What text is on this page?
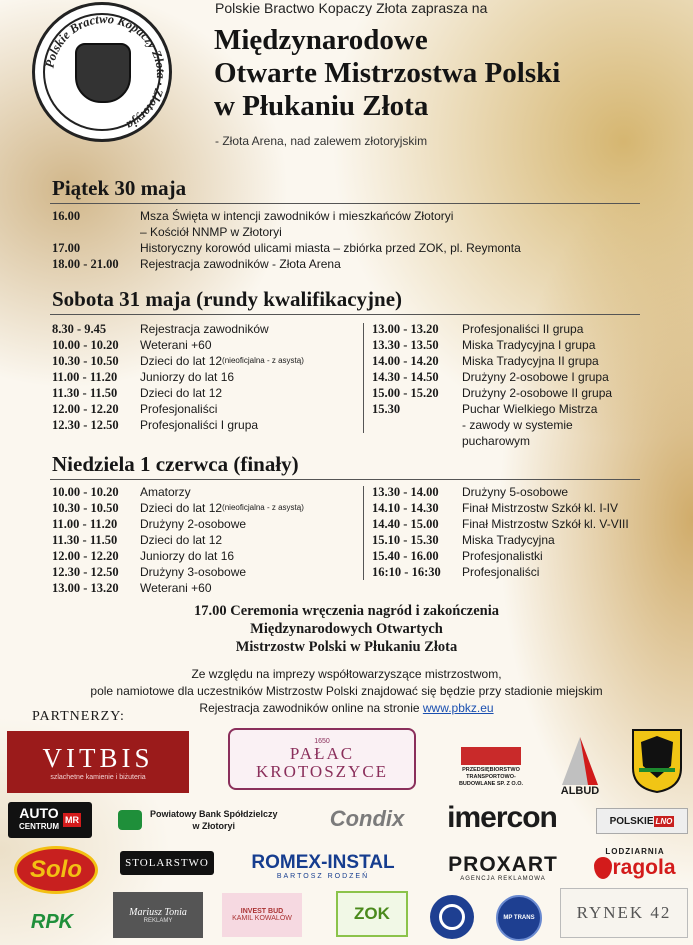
Polskie Bractwo Kopaczy Złota · Złotoryja
Polskie Bractwo Kopaczy Złota zaprasza na
Międzynarodowe
Otwarte Mistrzostwa Polski
w Płukaniu Złota
- Złota Arena, nad zalewem złotoryjskim
Piątek 30 maja
16.00	Msza Święta w intencji zawodników i mieszkańców Złotoryi
– Kościół NNMP w Złotoryi
17.00	Historyczny korowód ulicami miasta – zbiórka przed ZOK, pl. Reymonta
18.00 - 21.00	Rejestracja zawodników - Złota Arena
Sobota 31 maja (rundy kwalifikacyjne)
8.30 - 9.45	Rejestracja zawodników
10.00 - 10.20	Weterani +60
10.30 - 10.50	Dzieci do lat 12 (nieoficjalna - z asystą)
11.00 - 11.20	Juniorzy do lat 16
11.30 - 11.50	Dzieci do lat 12
12.00 - 12.20	Profesjonaliści
12.30 - 12.50	Profesjonaliści I grupa
13.00 - 13.20	Profesjonaliści II grupa
13.30 - 13.50	Miska Tradycyjna I grupa
14.00 - 14.20	Miska Tradycyjna II grupa
14.30 - 14.50	Drużyny 2-osobowe I grupa
15.00 - 15.20	Drużyny 2-osobowe II grupa
15.30	Puchar Wielkiego Mistrza
- zawody w systemie
pucharowym
Niedziela 1 czerwca (finały)
10.00 - 10.20	Amatorzy
10.30 - 10.50	Dzieci do lat 12 (nieoficjalna - z asystą)
11.00 - 11.20	Drużyny 2-osobowe
11.30 - 11.50	Dzieci do lat 12
12.00 - 12.20	Juniorzy do lat 16
12.30 - 12.50	Drużyny 3-osobowe
13.00 - 13.20	Weterani +60
13.30 - 14.00	Drużyny 5-osobowe
14.10 - 14.30	Finał Mistrzostw Szkół kl. I-IV
14.40 - 15.00	Finał Mistrzostw Szkół kl. V-VIII
15.10 - 15.30	Miska Tradycyjna
15.40 - 16.00	Profesjonalistki
16:10 - 16:30	Profesjonaliści
17.00 Ceremonia wręczenia nagród i zakończenia
Międzynarodowych Otwartych
Mistrzostw Polski w Płukaniu Złota
Ze względu na imprezy współtowarzyszące mistrzostwom,
pole namiotowe dla uczestników Mistrzostw Polski znajdować się będzie przy stadionie miejskim
Rejestracja zawodników online na stronie www.pbkz.eu
PARTNERZY:
VITBIS
szlachetne kamienie i biżuteria
1650
PAŁAC
KROTOSZYCE	PRZEDSIĘBIORSTWO
TRANSPORTOWO-
BUDOWLANE SP. Z O.O.
ALBUD
AUTO
CENTRUM
MR
Powiatowy Bank Spółdzielczy
w Złotoryi	Condix imercon	POLSKIE LNO
Solo	STOLARSTWO ROMEX-INSTAL
BARTOSZ RODZEŃ	PROXART
AGENCJA REKLAMOWA
LODZIARNIA
ragola
RPK	Mariusz Tonia
REKLAMY
INVEST BUD
KAMIL KOWALÓW	ZOK	MP TRANS RYNEK 42
